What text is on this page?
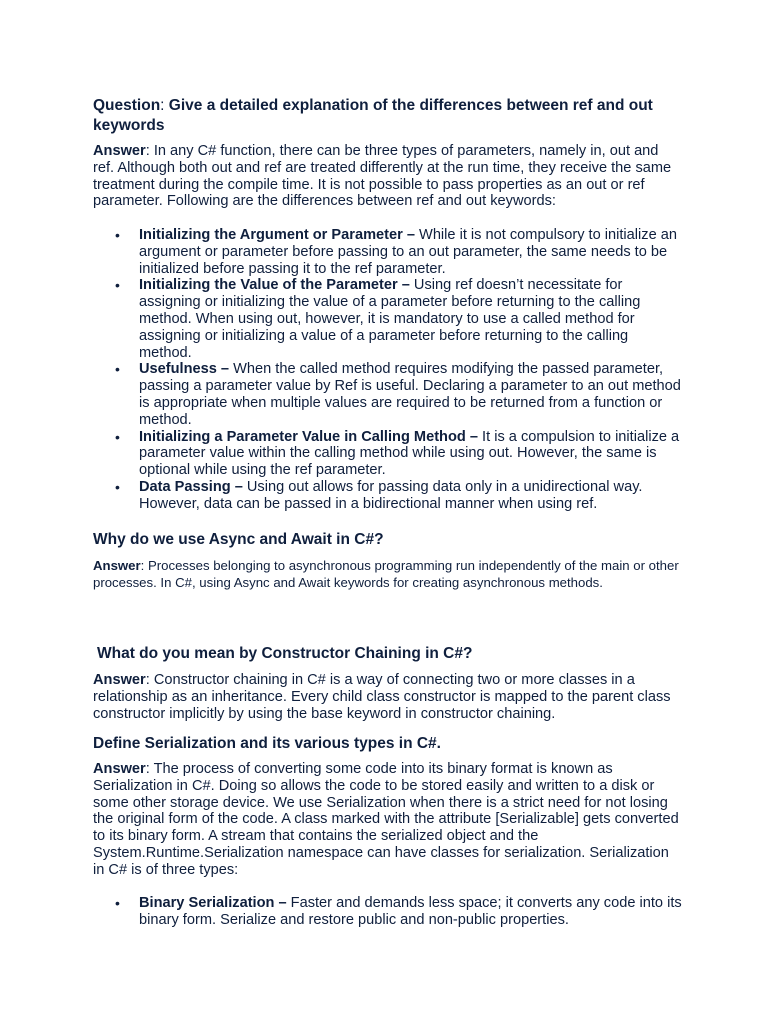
Question: Give a detailed explanation of the differences between ref and out keywords
Answer: In any C# function, there can be three types of parameters, namely in, out and ref. Although both out and ref are treated differently at the run time, they receive the same treatment during the compile time. It is not possible to pass properties as an out or ref parameter. Following are the differences between ref and out keywords:
• Initializing the Argument or Parameter – While it is not compulsory to initialize an argument or parameter before passing to an out parameter, the same needs to be initialized before passing it to the ref parameter.
• Initializing the Value of the Parameter – Using ref doesn’t necessitate for assigning or initializing the value of a parameter before returning to the calling method. When using out, however, it is mandatory to use a called method for assigning or initializing a value of a parameter before returning to the calling method.
• Usefulness – When the called method requires modifying the passed parameter, passing a parameter value by Ref is useful. Declaring a parameter to an out method is appropriate when multiple values are required to be returned from a function or method.
• Initializing a Parameter Value in Calling Method – It is a compulsion to initialize a parameter value within the calling method while using out. However, the same is optional while using the ref parameter.
• Data Passing – Using out allows for passing data only in a unidirectional way. However, data can be passed in a bidirectional manner when using ref.
Why do we use Async and Await in C#?
Answer: Processes belonging to asynchronous programming run independently of the main or other processes. In C#, using Async and Await keywords for creating asynchronous methods.
What do you mean by Constructor Chaining in C#?
Answer: Constructor chaining in C# is a way of connecting two or more classes in a relationship as an inheritance. Every child class constructor is mapped to the parent class constructor implicitly by using the base keyword in constructor chaining.
Define Serialization and its various types in C#.
Answer: The process of converting some code into its binary format is known as Serialization in C#. Doing so allows the code to be stored easily and written to a disk or some other storage device. We use Serialization when there is a strict need for not losing the original form of the code. A class marked with the attribute [Serializable] gets converted to its binary form. A stream that contains the serialized object and the System.Runtime.Serialization namespace can have classes for serialization. Serialization in C# is of three types:
• Binary Serialization – Faster and demands less space; it converts any code into its binary form. Serialize and restore public and non-public properties.
